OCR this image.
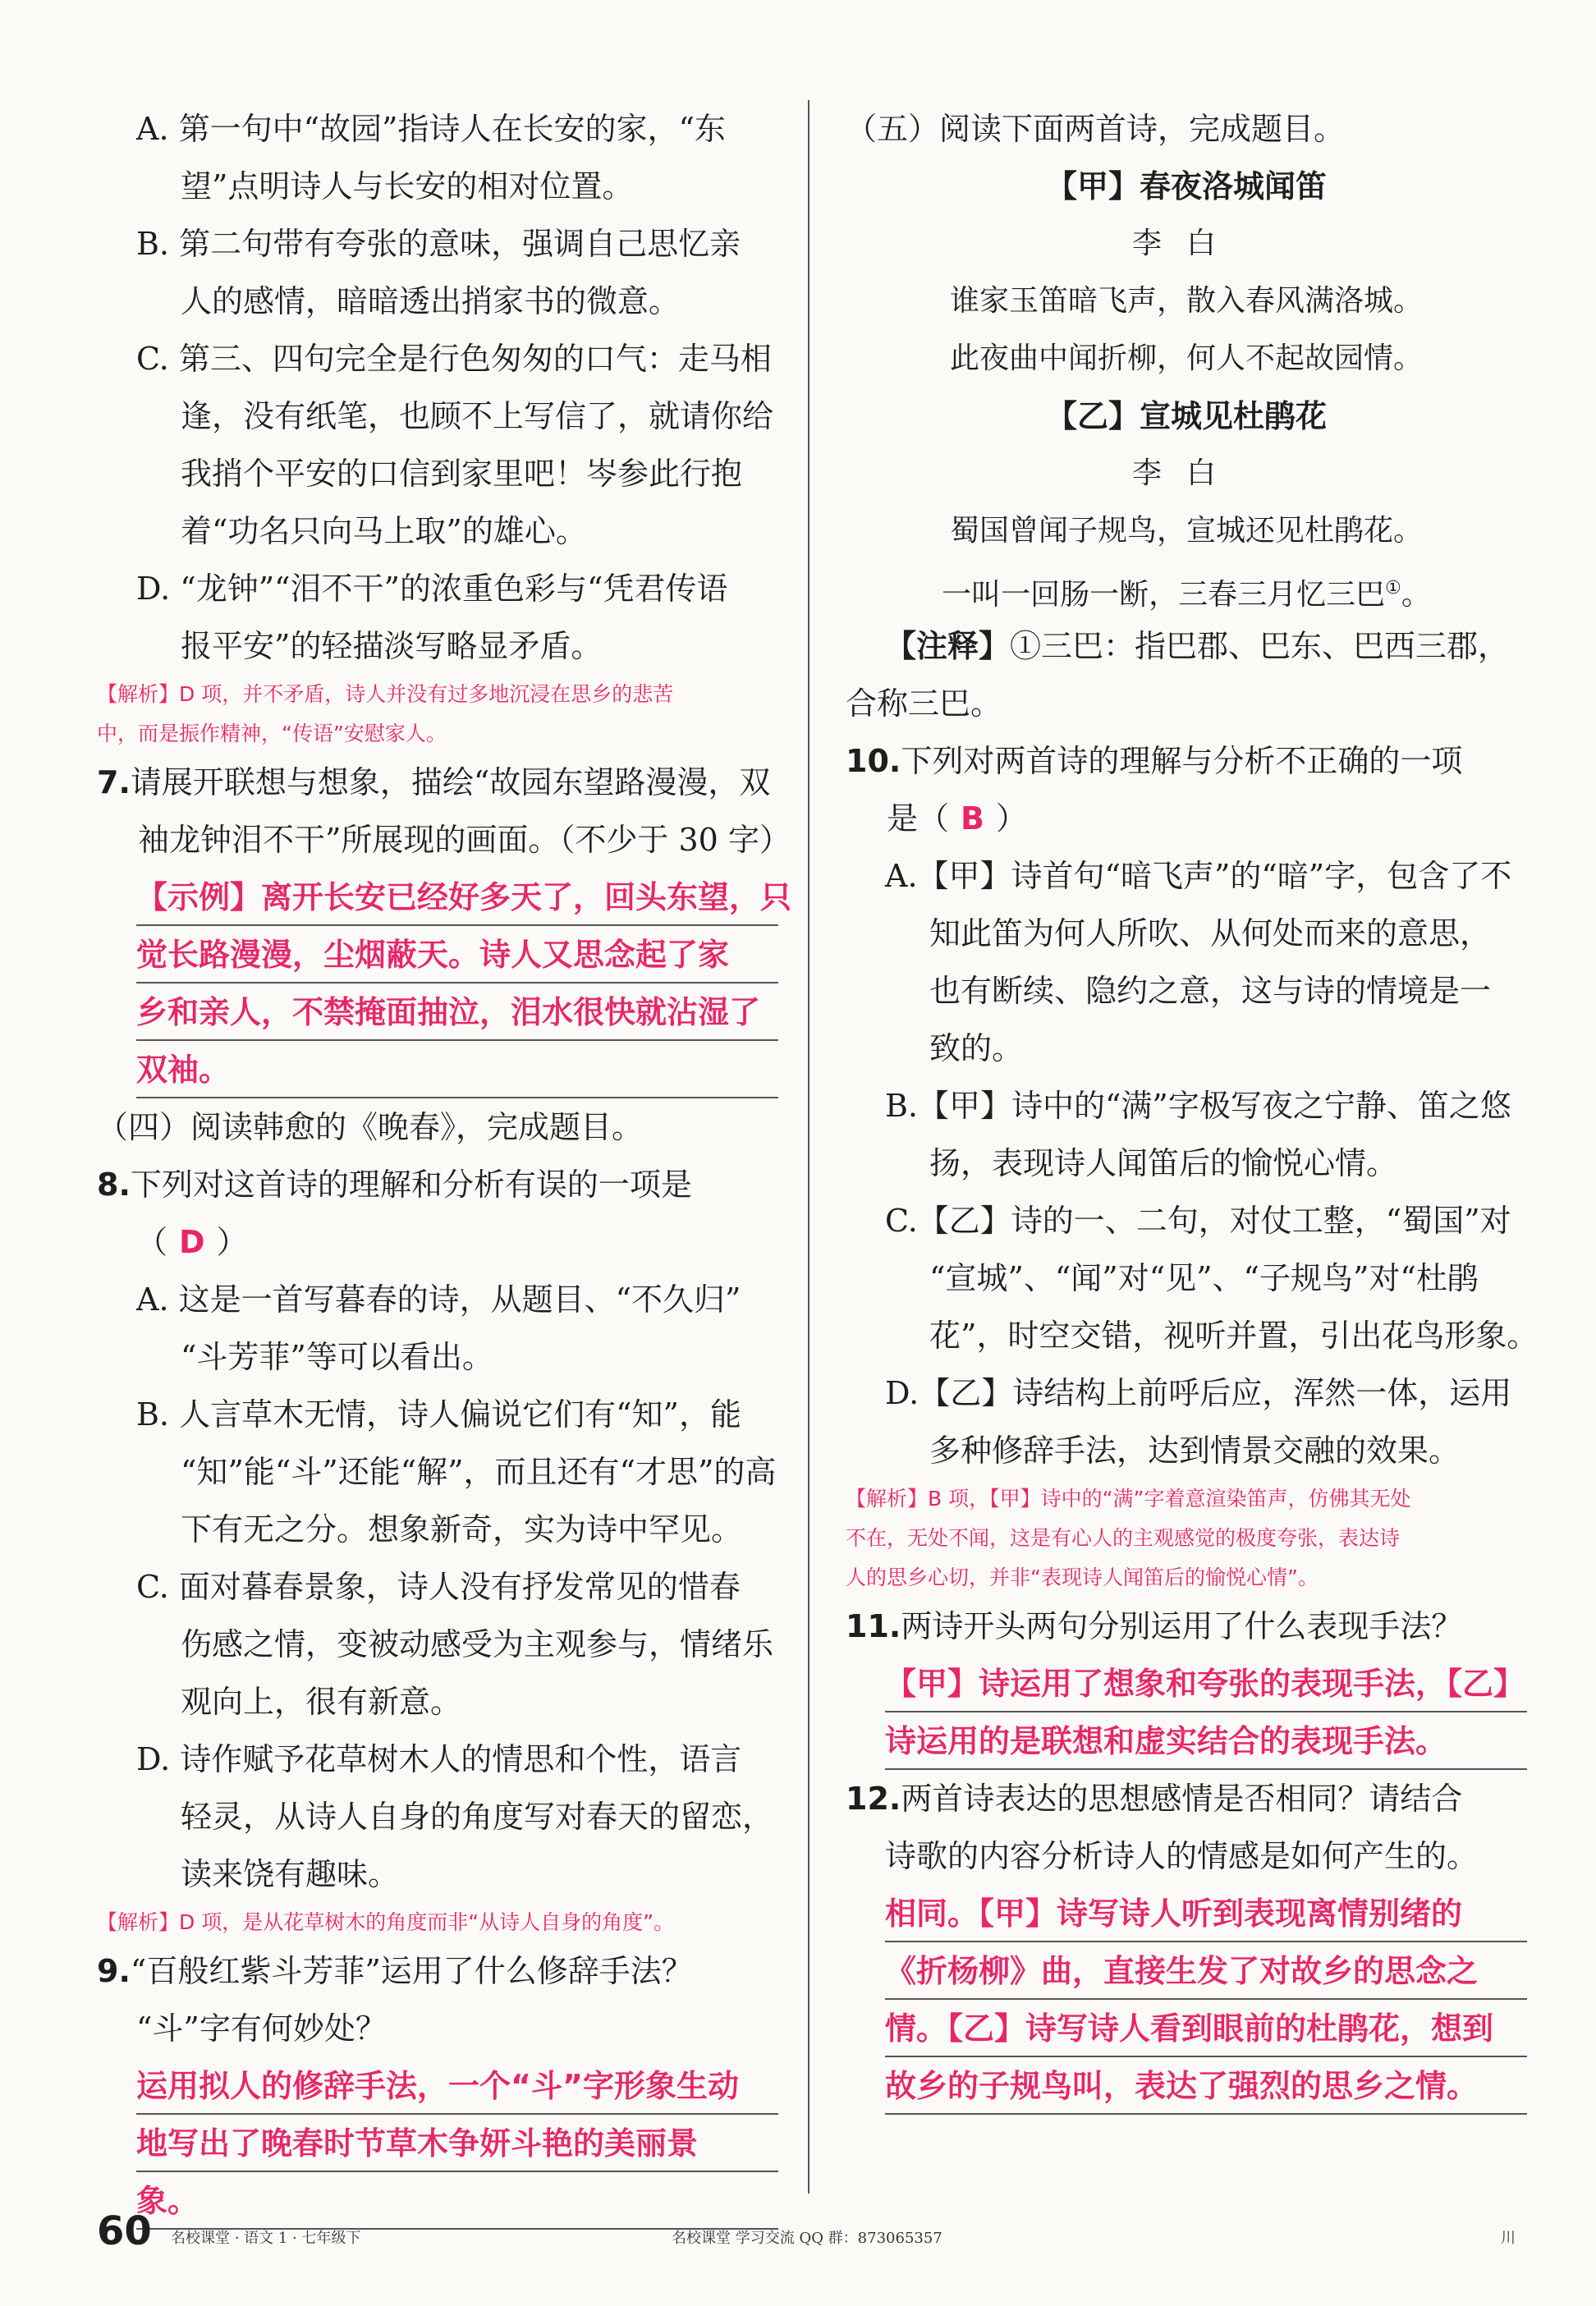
A. 第一句中“故园”指诗人在长安的家，“东
望”点明诗人与长安的相对位置。
B. 第二句带有夸张的意味，强调自己思忆亲
人的感情，暗暗透出捎家书的微意。
C. 第三、四句完全是行色匆匆的口气：走马相
逢，没有纸笔，也顾不上写信了，就请你给
我捎个平安的口信到家里吧！岑参此行抱
着“功名只向马上取”的雄心。
D. “龙钟”“泪不干”的浓重色彩与“凭君传语
报平安”的轻描淡写略显矛盾。
【解析】D 项，并不矛盾，诗人并没有过多地沉浸在思乡的悲苦
中，而是振作精神，“传语”安慰家人。
7.请展开联想与想象，描绘“故园东望路漫漫，双
袖龙钟泪不干”所展现的画面。（不少于 30 字）
【示例】离开长安已经好多天了，回头东望，只
觉长路漫漫，尘烟蔽天。诗人又思念起了家
乡和亲人，不禁掩面抽泣，泪水很快就沾湿了
双袖。
（四）阅读韩愈的《晚春》，完成题目。
8.下列对这首诗的理解和分析有误的一项是
（ D ）
A. 这是一首写暮春的诗，从题目、“不久归”
“斗芳菲”等可以看出。
B. 人言草木无情，诗人偏说它们有“知”，能
“知”能“斗”还能“解”，而且还有“才思”的高
下有无之分。想象新奇，实为诗中罕见。
C. 面对暮春景象，诗人没有抒发常见的惜春
伤感之情，变被动感受为主观参与，情绪乐
观向上，很有新意。
D. 诗作赋予花草树木人的情思和个性，语言
轻灵，从诗人自身的角度写对春天的留恋，
读来饶有趣味。
【解析】D 项，是从花草树木的角度而非“从诗人自身的角度”。
9.“百般红紫斗芳菲”运用了什么修辞手法？
“斗”字有何妙处？
运用拟人的修辞手法，一个“斗”字形象生动
地写出了晚春时节草木争妍斗艳的美丽景
象。
（五）阅读下面两首诗，完成题目。
【甲】春夜洛城闻笛
李白
谁家玉笛暗飞声，散入春风满洛城。
此夜曲中闻折柳，何人不起故园情。
【乙】宣城见杜鹃花
李白
蜀国曾闻子规鸟，宣城还见杜鹃花。
一叫一回肠一断，三春三月忆三巴①。
【注释】①三巴：指巴郡、巴东、巴西三郡，
合称三巴。
10.下列对两首诗的理解与分析不正确的一项
是（ B ）
A.【甲】诗首句“暗飞声”的“暗”字，包含了不
知此笛为何人所吹、从何处而来的意思，
也有断续、隐约之意，这与诗的情境是一
致的。
B.【甲】诗中的“满”字极写夜之宁静、笛之悠
扬，表现诗人闻笛后的愉悦心情。
C.【乙】诗的一、二句，对仗工整，“蜀国”对
“宣城”、“闻”对“见”、“子规鸟”对“杜鹃
花”，时空交错，视听并置，引出花鸟形象。
D.【乙】诗结构上前呼后应，浑然一体，运用
多种修辞手法，达到情景交融的效果。
【解析】B 项，【甲】诗中的“满”字着意渲染笛声，仿佛其无处
不在，无处不闻，这是有心人的主观感觉的极度夸张，表达诗
人的思乡心切，并非“表现诗人闻笛后的愉悦心情”。
11.两诗开头两句分别运用了什么表现手法？
【甲】诗运用了想象和夸张的表现手法，【乙】
诗运用的是联想和虚实结合的表现手法。
12.两首诗表达的思想感情是否相同？请结合
诗歌的内容分析诗人的情感是如何产生的。
相同。【甲】诗写诗人听到表现离情别绪的
《折杨柳》曲，直接生发了对故乡的思念之
情。【乙】诗写诗人看到眼前的杜鹃花，想到
故乡的子规鸟叫，表达了强烈的思乡之情。
60 名校课堂 · 语文 1 · 七年级下	名校课堂 学习交流 QQ 群：873065357	川
